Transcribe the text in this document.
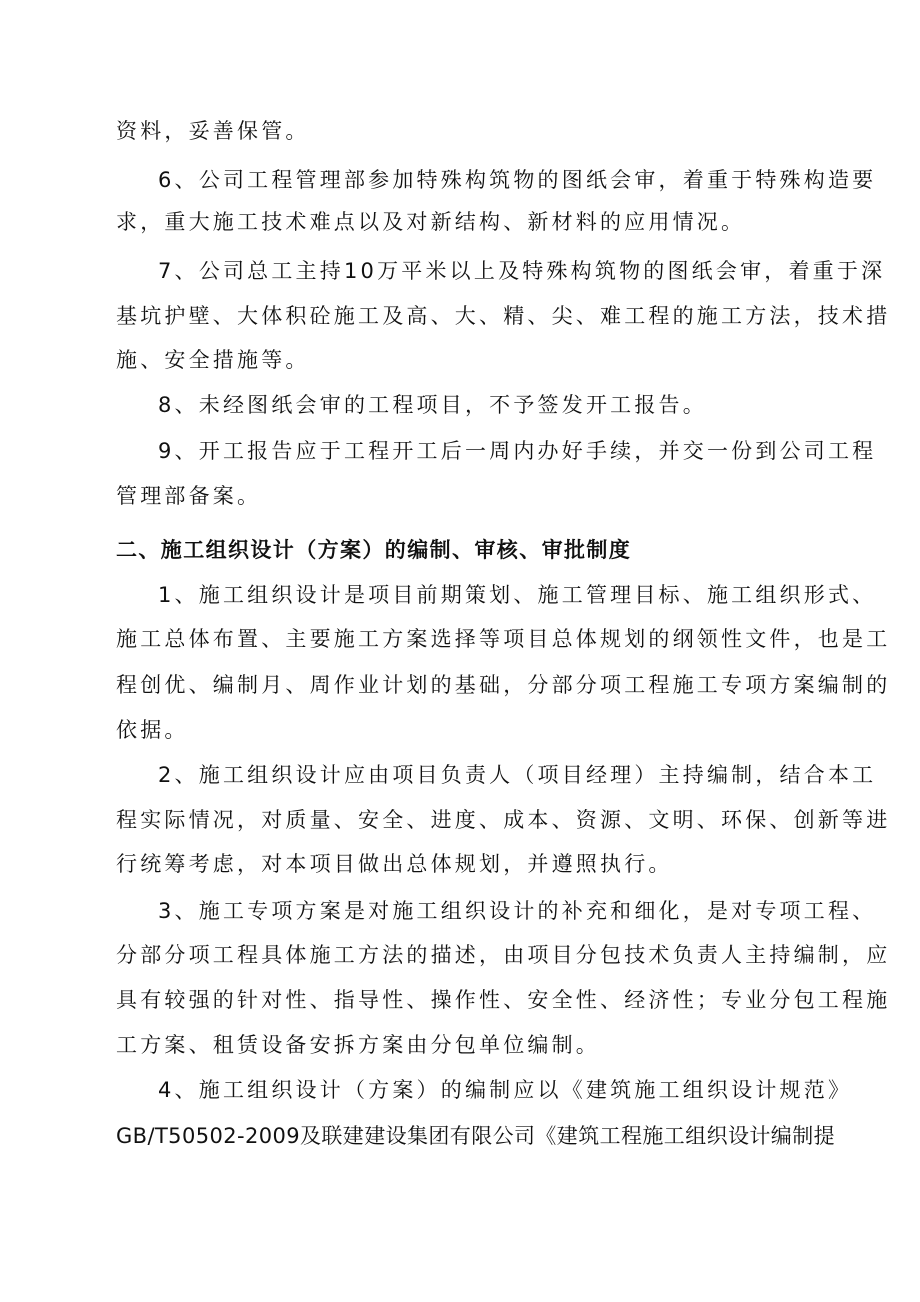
资料，妥善保管。
6、公司工程管理部参加特殊构筑物的图纸会审，着重于特殊构造要
求，重大施工技术难点以及对新结构、新材料的应用情况。
7、公司总工主持10万平米以上及特殊构筑物的图纸会审，着重于深
基坑护壁、大体积砼施工及高、大、精、尖、难工程的施工方法，技术措
施、安全措施等。
8、未经图纸会审的工程项目，不予签发开工报告。
9、开工报告应于工程开工后一周内办好手续，并交一份到公司工程
管理部备案。
二、施工组织设计（方案）的编制、审核、审批制度
1、施工组织设计是项目前期策划、施工管理目标、施工组织形式、
施工总体布置、主要施工方案选择等项目总体规划的纲领性文件，也是工
程创优、编制月、周作业计划的基础，分部分项工程施工专项方案编制的
依据。
2、施工组织设计应由项目负责人（项目经理）主持编制，结合本工
程实际情况，对质量、安全、进度、成本、资源、文明、环保、创新等进
行统筹考虑，对本项目做出总体规划，并遵照执行。
3、施工专项方案是对施工组织设计的补充和细化，是对专项工程、
分部分项工程具体施工方法的描述，由项目分包技术负责人主持编制，应
具有较强的针对性、指导性、操作性、安全性、经济性；专业分包工程施
工方案、租赁设备安拆方案由分包单位编制。
4、施工组织设计（方案）的编制应以《建筑施工组织设计规范》
GB/T50502-2009及联建建设集团有限公司《建筑工程施工组织设计编制提
